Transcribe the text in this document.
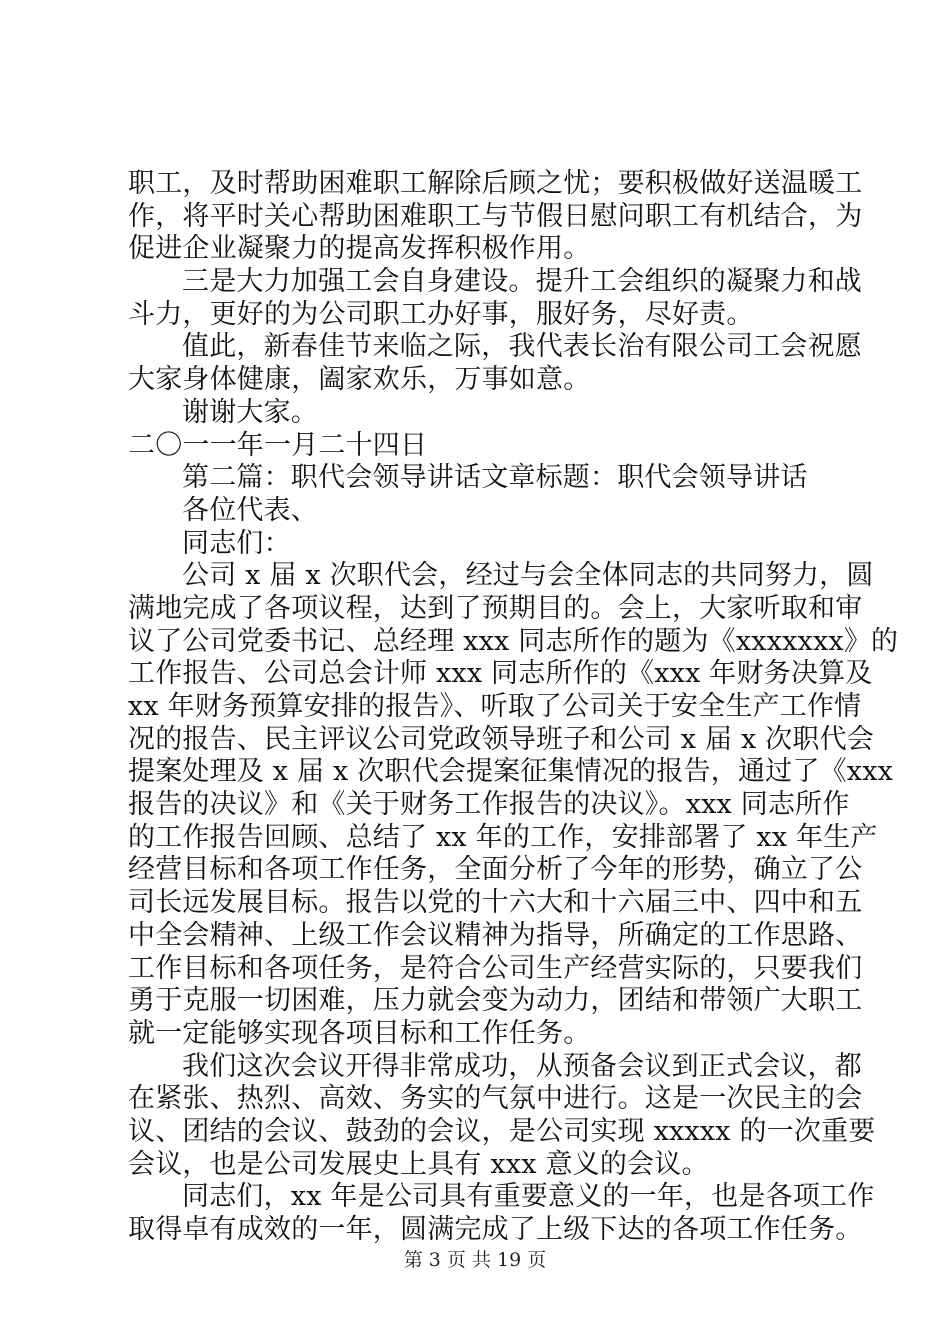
职工，及时帮助困难职工解除后顾之忧；要积极做好送温暖工
作，将平时关心帮助困难职工与节假日慰问职工有机结合，为
促进企业凝聚力的提高发挥积极作用。
三是大力加强工会自身建设。提升工会组织的凝聚力和战
斗力，更好的为公司职工办好事，服好务，尽好责。
值此，新春佳节来临之际，我代表长治有限公司工会祝愿
大家身体健康，阖家欢乐，万事如意。
谢谢大家。
二〇一一年一月二十四日
第二篇：职代会领导讲话文章标题：职代会领导讲话
各位代表、
同志们：
公司 x 届 x 次职代会，经过与会全体同志的共同努力，圆
满地完成了各项议程，达到了预期目的。会上，大家听取和审
议了公司党委书记、总经理 xxx 同志所作的题为《xxxxxxx》的
工作报告、公司总会计师 xxx 同志所作的《xxx 年财务决算及
xx 年财务预算安排的报告》、听取了公司关于安全生产工作情
况的报告、民主评议公司党政领导班子和公司 x 届 x 次职代会
提案处理及 x 届 x 次职代会提案征集情况的报告，通过了《xxx
报告的决议》和《关于财务工作报告的决议》。xxx 同志所作
的工作报告回顾、总结了 xx 年的工作，安排部署了 xx 年生产
经营目标和各项工作任务，全面分析了今年的形势，确立了公
司长远发展目标。报告以党的十六大和十六届三中、四中和五
中全会精神、上级工作会议精神为指导，所确定的工作思路、
工作目标和各项任务，是符合公司生产经营实际的，只要我们
勇于克服一切困难，压力就会变为动力，团结和带领广大职工
就一定能够实现各项目标和工作任务。
我们这次会议开得非常成功，从预备会议到正式会议，都
在紧张、热烈、高效、务实的气氛中进行。这是一次民主的会
议、团结的会议、鼓劲的会议，是公司实现 xxxxx 的一次重要
会议，也是公司发展史上具有 xxx 意义的会议。
同志们，xx 年是公司具有重要意义的一年，也是各项工作
取得卓有成效的一年，圆满完成了上级下达的各项工作任务。
第 3 页 共 19 页
